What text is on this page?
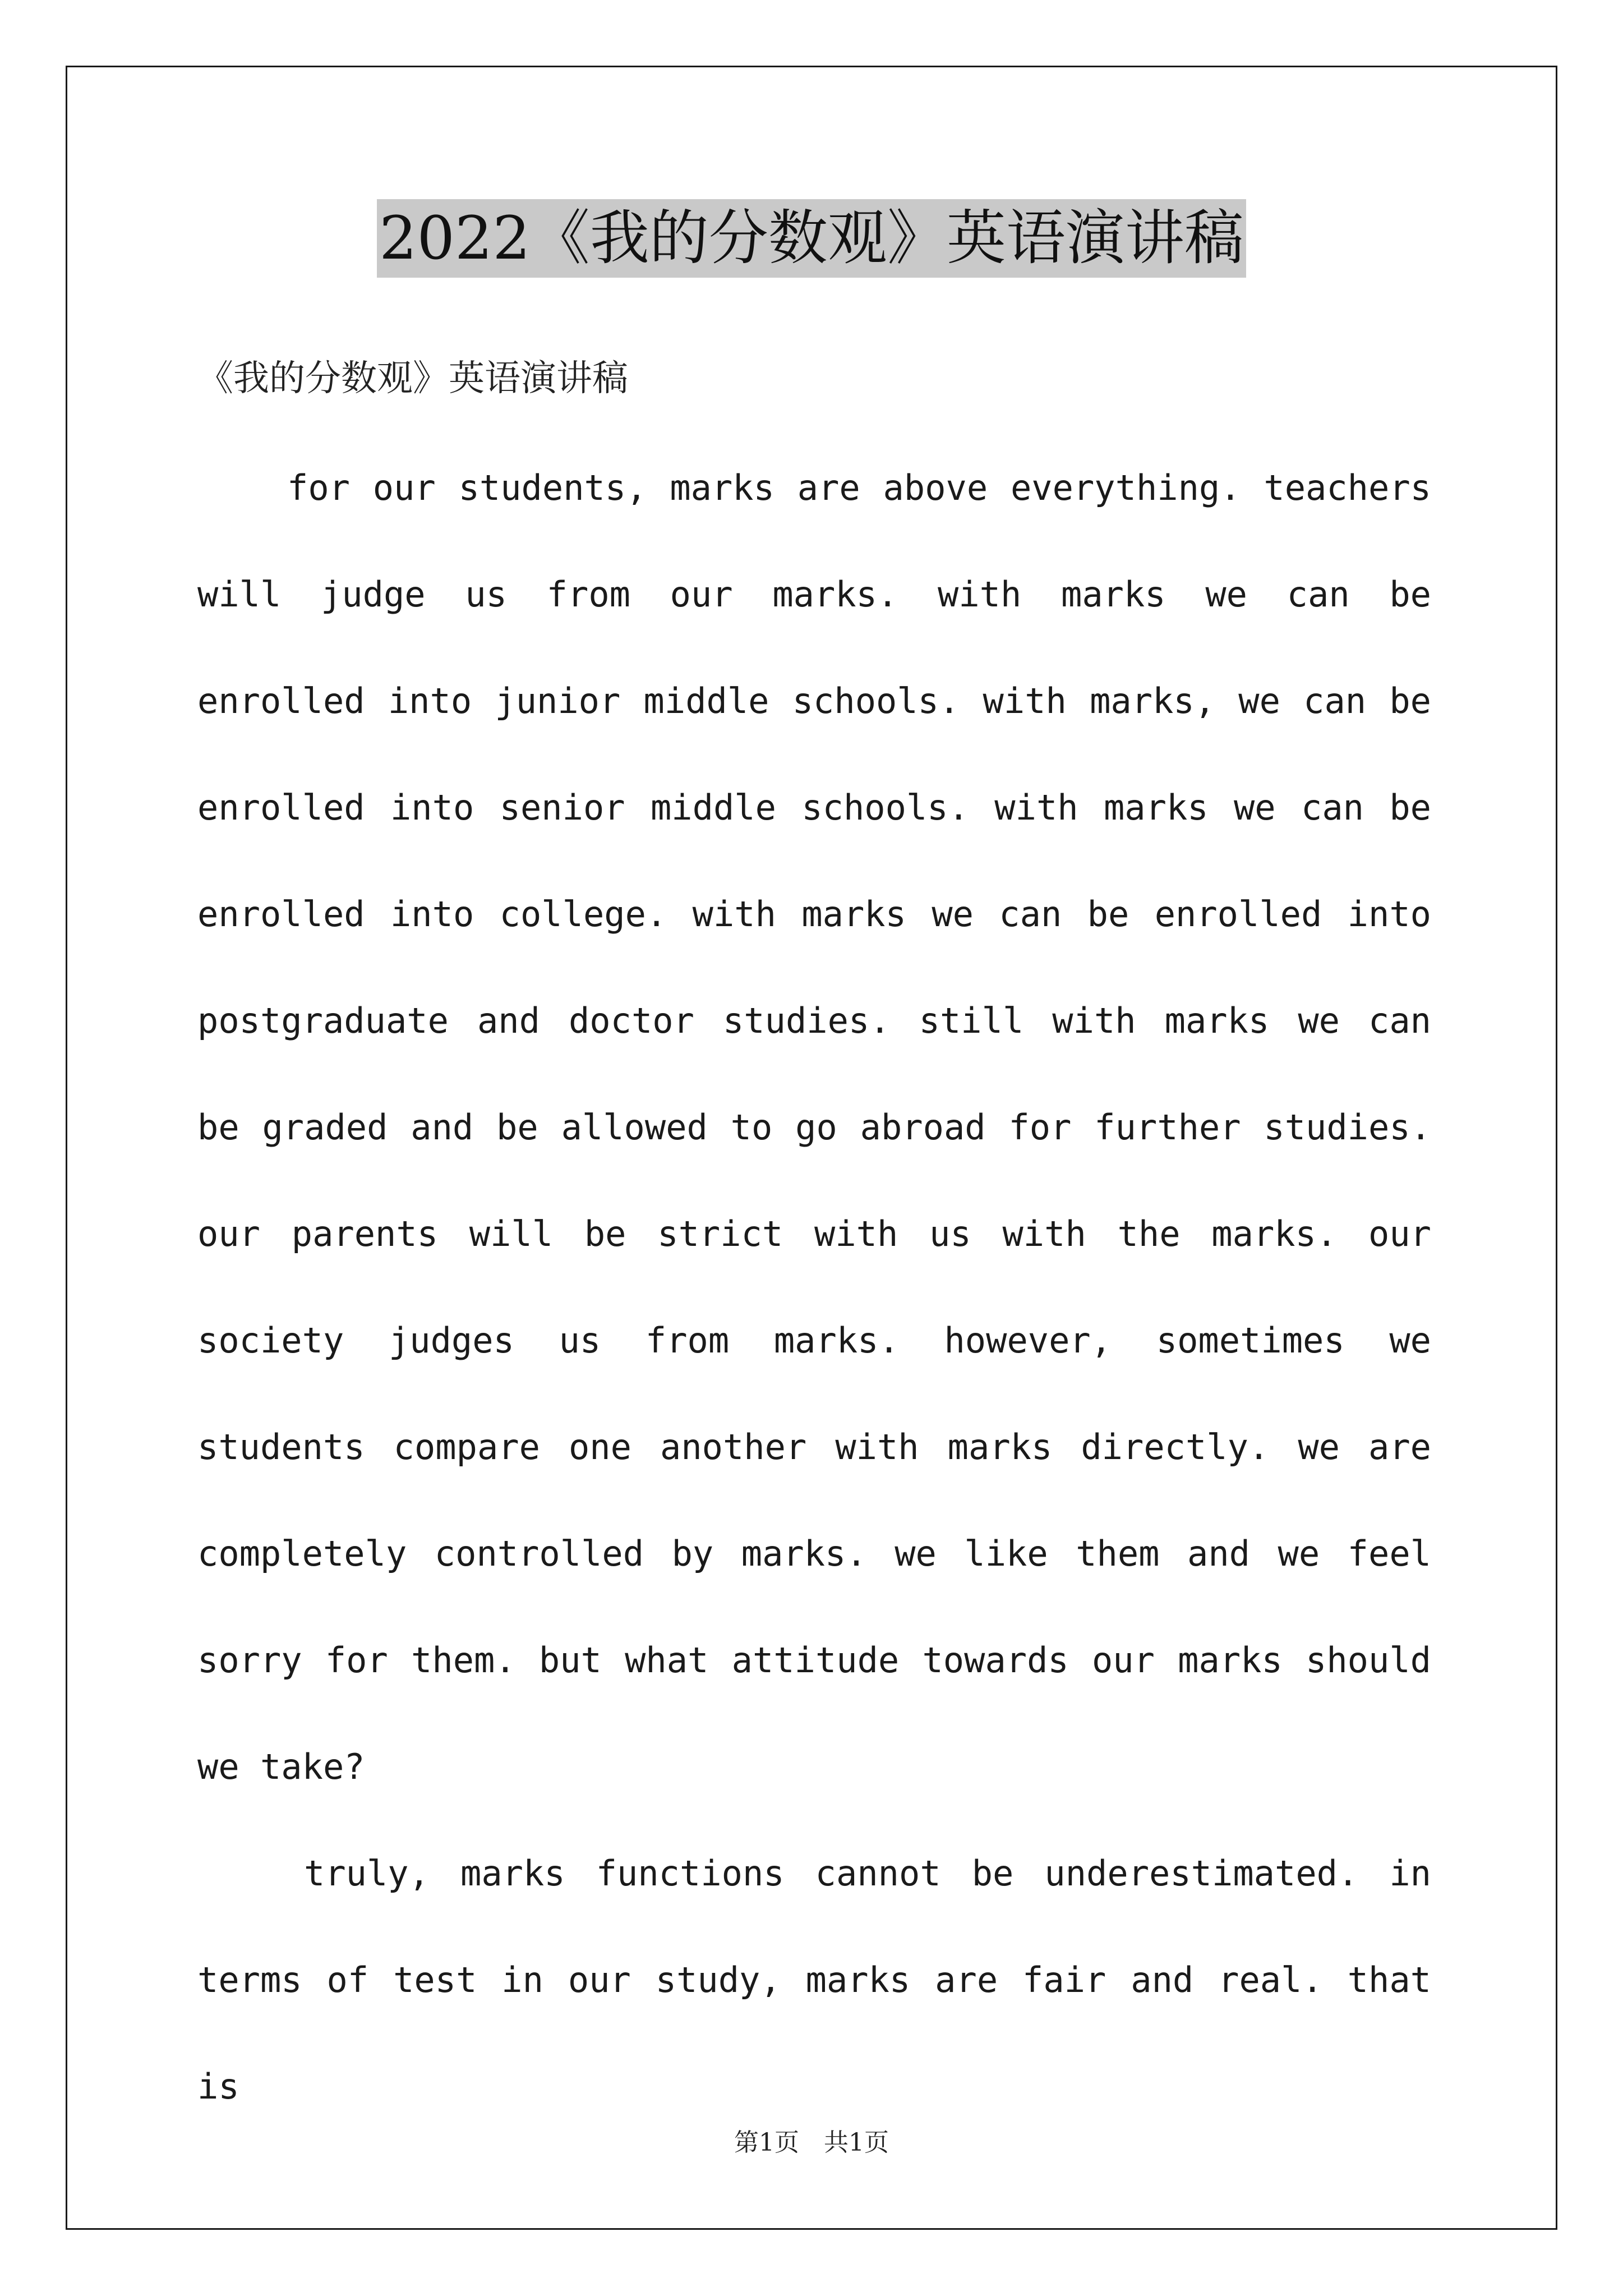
2022《我的分数观》英语演讲稿
《我的分数观》英语演讲稿

for our students, marks are above everything. teachers will judge us from our marks. with marks we can be enrolled into junior middle schools. with marks, we can be enrolled into senior middle schools. with marks we can be enrolled into college. with marks we can be enrolled into postgraduate and doctor studies. still with marks we can be graded and be allowed to go abroad for further studies. our parents will be strict with us with the marks. our society judges us from marks. however, sometimes we students compare one another with marks directly. we are completely controlled by marks. we like them and we feel sorry for them. but what attitude towards our marks should we take?

truly, marks functions cannot be underestimated. in terms of test in our study, marks are fair and real. that is

第1页　共1页
